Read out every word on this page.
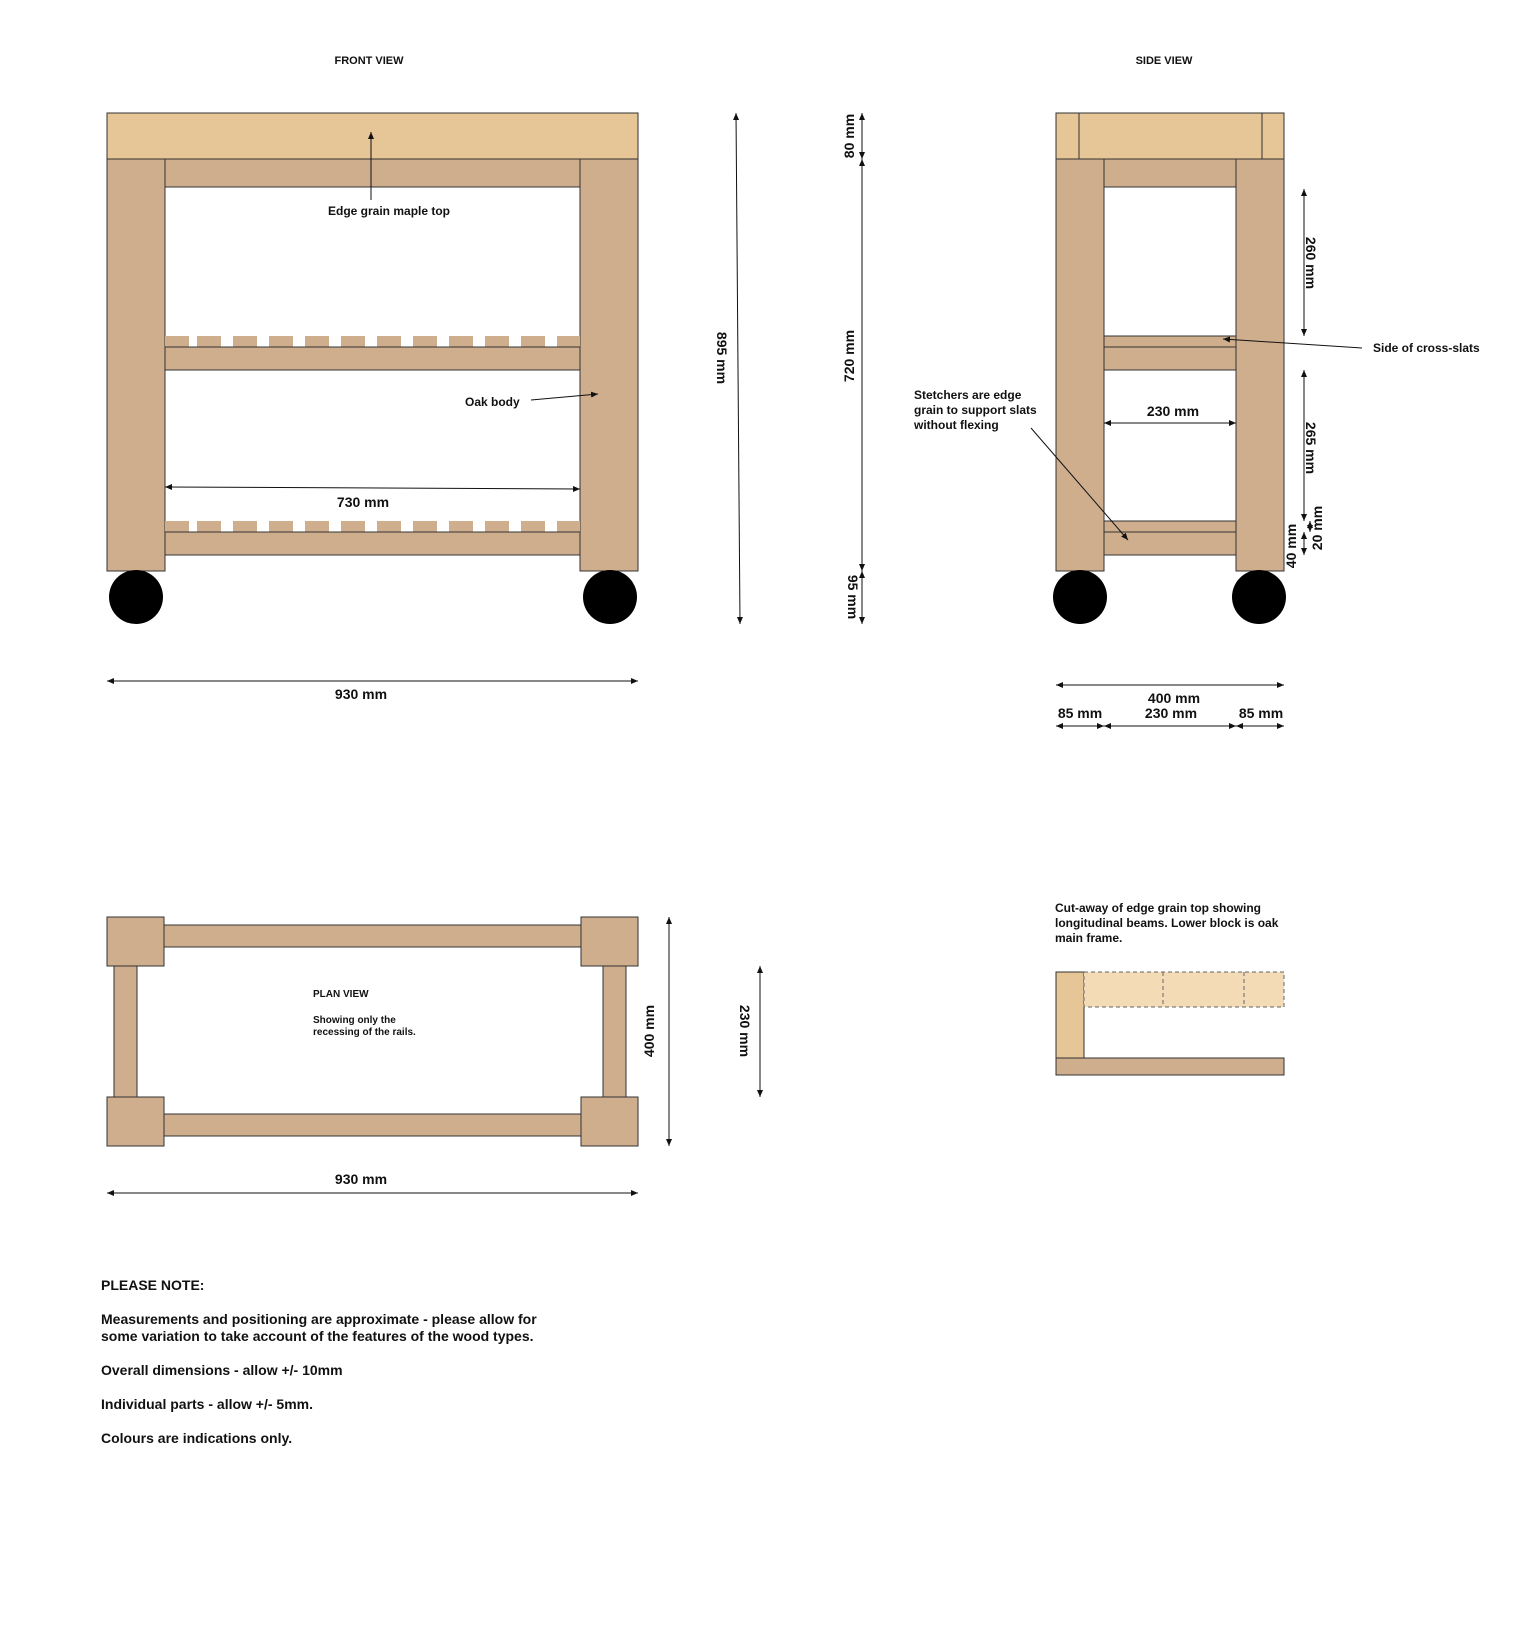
FRONT VIEW
Edge grain maple top
Oak body
730 mm
930 mm
895 mm
80 mm
720 mm
95 mm
SIDE VIEW
260 mm
Side of cross-slats
Stetchers are edge grain to support slats without flexing
230 mm
265 mm
20 mm
40 mm
400 mm
85 mm	230 mm	85 mm
PLAN VIEW
Showing only the recessing of the rails.	400 mm	230 mm
930 mm
Cut-away of edge grain top showing longitudinal beams. Lower block is oak main frame.

PLEASE NOTE:

Measurements and positioning are approximate - please allow for
some variation to take account of the features of the wood types.

Overall dimensions - allow +/- 10mm

Individual parts - allow +/- 5mm.

Colours are indications only.
